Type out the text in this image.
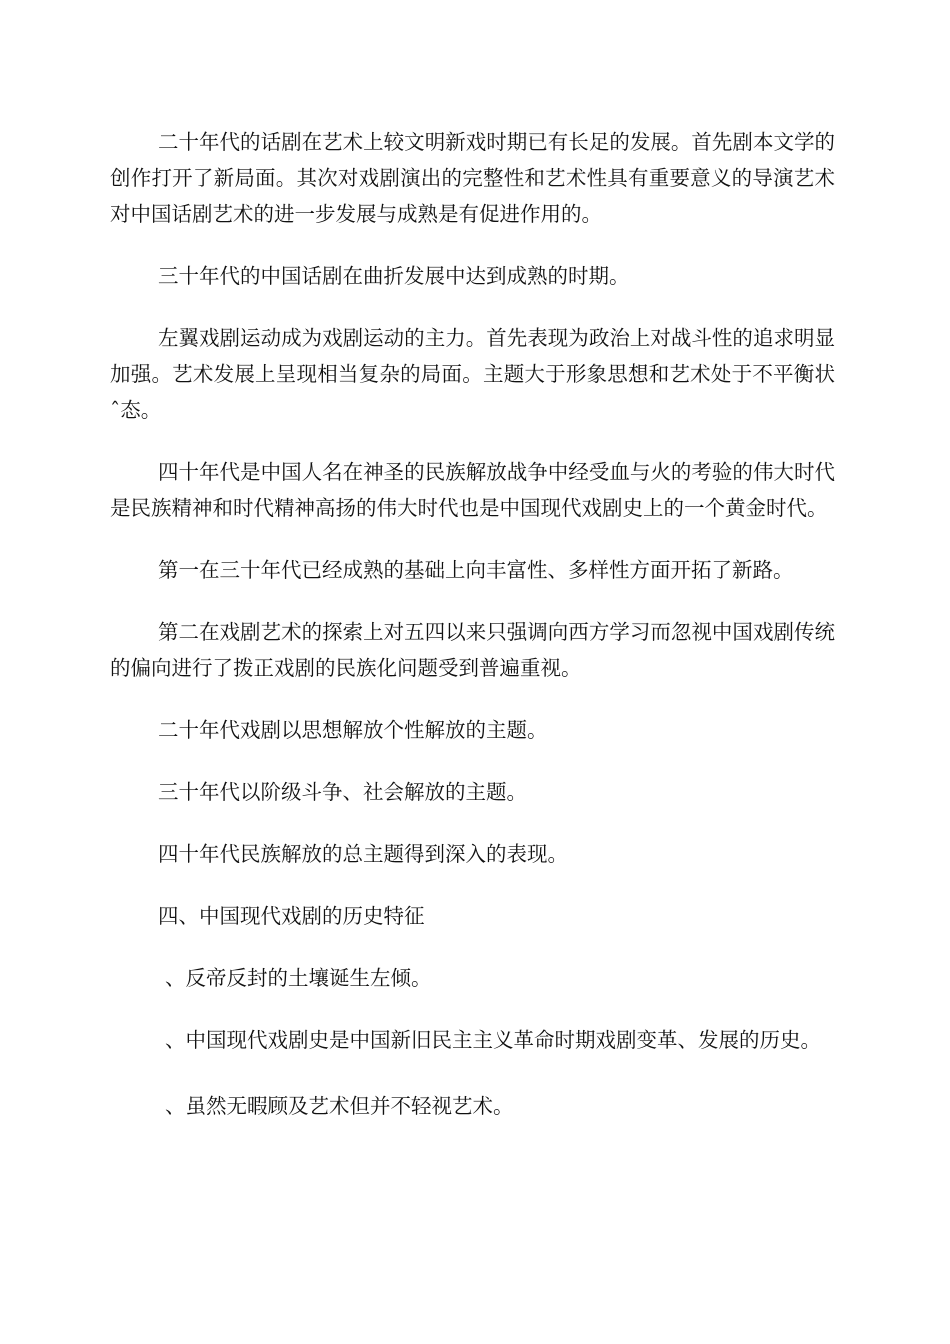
二十年代的话剧在艺术上较文明新戏时期已有长足的发展。首先剧本文学的创作打开了新局面。其次对戏剧演出的完整性和艺术性具有重要意义的导演艺术对中国话剧艺术的进一步发展与成熟是有促进作用的。

三十年代的中国话剧在曲折发展中达到成熟的时期。

左翼戏剧运动成为戏剧运动的主力。首先表现为政治上对战斗性的追求明显加强。艺术发展上呈现相当复杂的局面。主题大于形象思想和艺术处于不平衡状ˆ态。

四十年代是中国人名在神圣的民族解放战争中经受血与火的考验的伟大时代是民族精神和时代精神高扬的伟大时代也是中国现代戏剧史上的一个黄金时代。

第一在三十年代已经成熟的基础上向丰富性、多样性方面开拓了新路。

第二在戏剧艺术的探索上对五四以来只强调向西方学习而忽视中国戏剧传统的偏向进行了拨正戏剧的民族化问题受到普遍重视。

二十年代戏剧以思想解放个性解放的主题。

三十年代以阶级斗争、社会解放的主题。

四十年代民族解放的总主题得到深入的表现。

四、中国现代戏剧的历史特征

、反帝反封的土壤诞生左倾。

、中国现代戏剧史是中国新旧民主主义革命时期戏剧变革、发展的历史。

、虽然无暇顾及艺术但并不轻视艺术。
